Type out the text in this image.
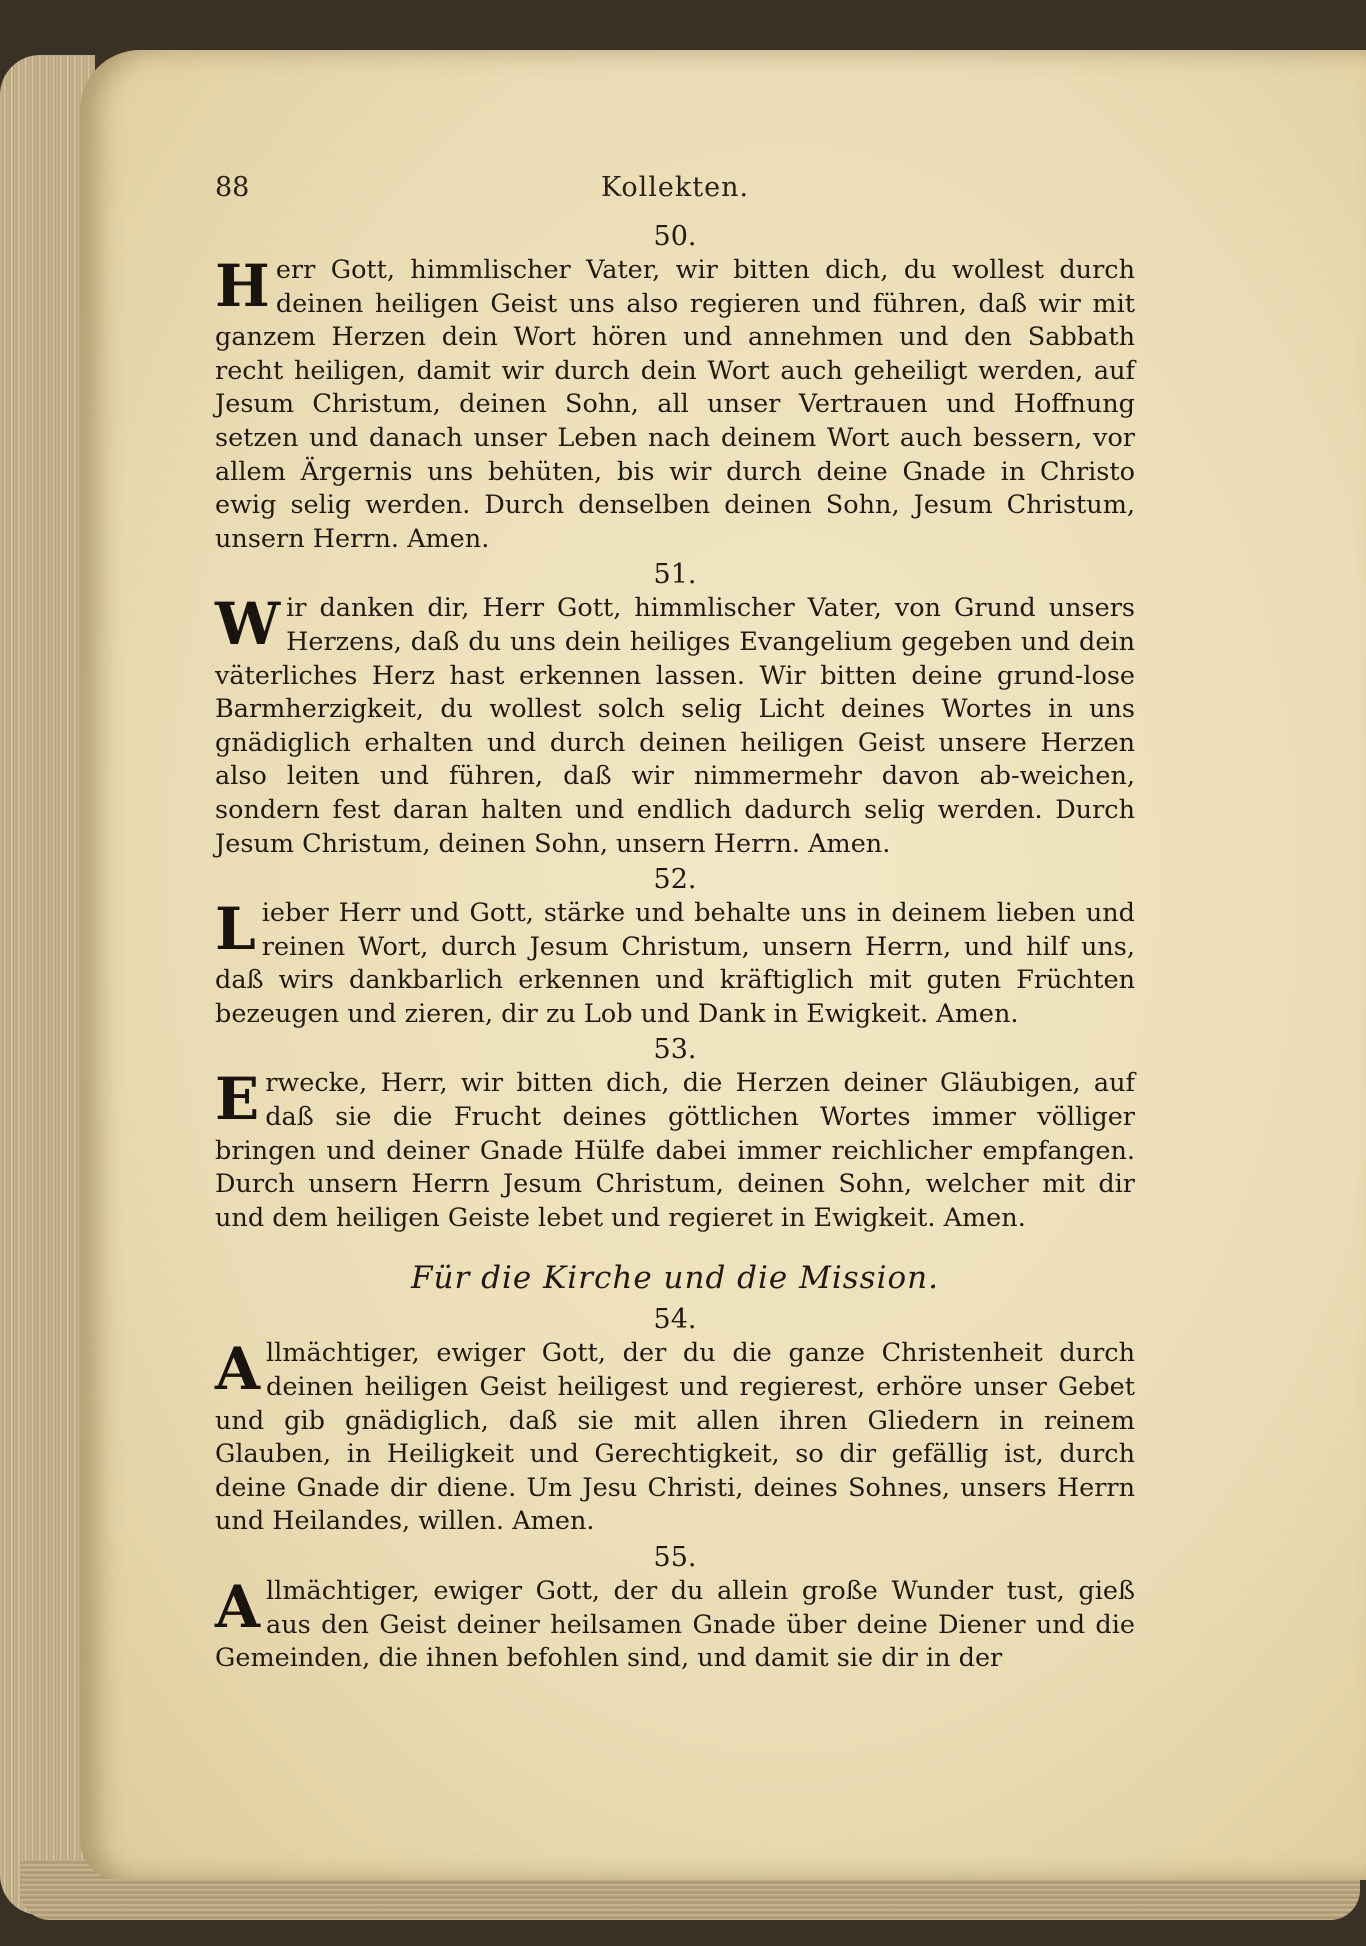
88	Kollekten.
50.

Herr Gott, himmlischer Vater, wir bitten dich, du wollest durch deinen heiligen Geist uns also regieren und führen, daß wir mit ganzem Herzen dein Wort hören und annehmen und den Sabbath recht heiligen, damit wir durch dein Wort auch geheiligt werden, auf Jesum Christum, deinen Sohn, all unser Vertrauen und Hoffnung setzen und danach unser Leben nach deinem Wort auch bessern, vor allem Ärgernis uns behüten, bis wir durch deine Gnade in Christo ewig selig werden. Durch denselben deinen Sohn, Jesum Christum, unsern Herrn. Amen.

51.

Wir danken dir, Herr Gott, himmlischer Vater, von Grund unsers Herzens, daß du uns dein heiliges Evangelium gegeben und dein väterliches Herz hast erkennen lassen. Wir bitten deine grund-lose Barmherzigkeit, du wollest solch selig Licht deines Wortes in uns gnädiglich erhalten und durch deinen heiligen Geist unsere Herzen also leiten und führen, daß wir nimmermehr davon ab-weichen, sondern fest daran halten und endlich dadurch selig werden. Durch Jesum Christum, deinen Sohn, unsern Herrn. Amen.

52.

Lieber Herr und Gott, stärke und behalte uns in deinem lieben und reinen Wort, durch Jesum Christum, unsern Herrn, und hilf uns, daß wirs dankbarlich erkennen und kräftiglich mit guten Früchten bezeugen und zieren, dir zu Lob und Dank in Ewigkeit. Amen.

53.

Erwecke, Herr, wir bitten dich, die Herzen deiner Gläubigen, auf daß sie die Frucht deines göttlichen Wortes immer völliger bringen und deiner Gnade Hülfe dabei immer reichlicher empfangen. Durch unsern Herrn Jesum Christum, deinen Sohn, welcher mit dir und dem heiligen Geiste lebet und regieret in Ewigkeit. Amen.

Für die Kirche und die Mission.
54.

Allmächtiger, ewiger Gott, der du die ganze Christenheit durch deinen heiligen Geist heiligest und regierest, erhöre unser Gebet und gib gnädiglich, daß sie mit allen ihren Gliedern in reinem Glauben, in Heiligkeit und Gerechtigkeit, so dir gefällig ist, durch deine Gnade dir diene. Um Jesu Christi, deines Sohnes, unsers Herrn und Heilandes, willen. Amen.

55.

Allmächtiger, ewiger Gott, der du allein große Wunder tust, gieß aus den Geist deiner heilsamen Gnade über deine Diener und die Gemeinden, die ihnen befohlen sind, und damit sie dir in der
